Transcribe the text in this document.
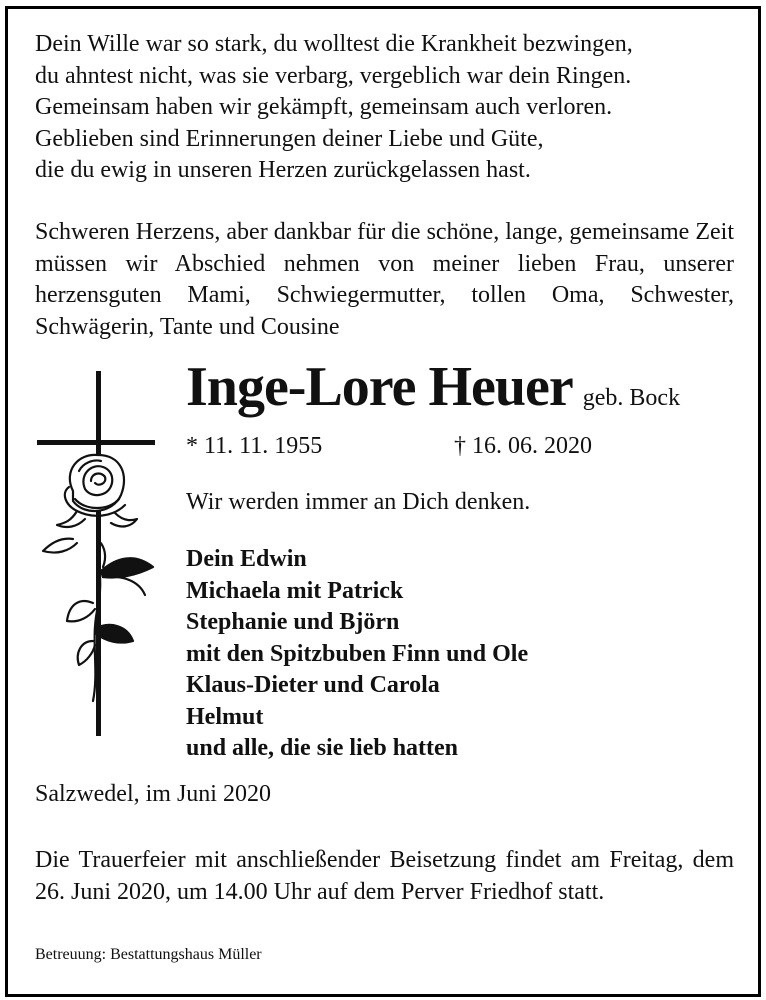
Dein Wille war so stark, du wolltest die Krankheit bezwingen,
du ahntest nicht, was sie verbarg, vergeblich war dein Ringen.
Gemeinsam haben wir gekämpft, gemeinsam auch verloren.
Geblieben sind Erinnerungen deiner Liebe und Güte,
die du ewig in unseren Herzen zurückgelassen hast.
Schweren Herzens, aber dankbar für die schöne, lange, gemeinsame Zeit müssen wir Abschied nehmen von meiner lieben Frau, unserer herzensguten Mami, Schwiegermutter, tollen Oma, Schwester, Schwägerin, Tante und Cousine
Inge-Lore Heuer geb. Bock
* 11. 11. 1955	† 16. 06. 2020
Wir werden immer an Dich denken.
Dein Edwin
Michaela mit Patrick
Stephanie und Björn
mit den Spitzbuben Finn und Ole
Klaus-Dieter und Carola
Helmut
und alle, die sie lieb hatten
Salzwedel, im Juni 2020
Die Trauerfeier mit anschließender Beisetzung findet am Freitag, dem 26. Juni 2020, um 14.00 Uhr auf dem Perver Friedhof statt.
Betreuung: Bestattungshaus Müller
